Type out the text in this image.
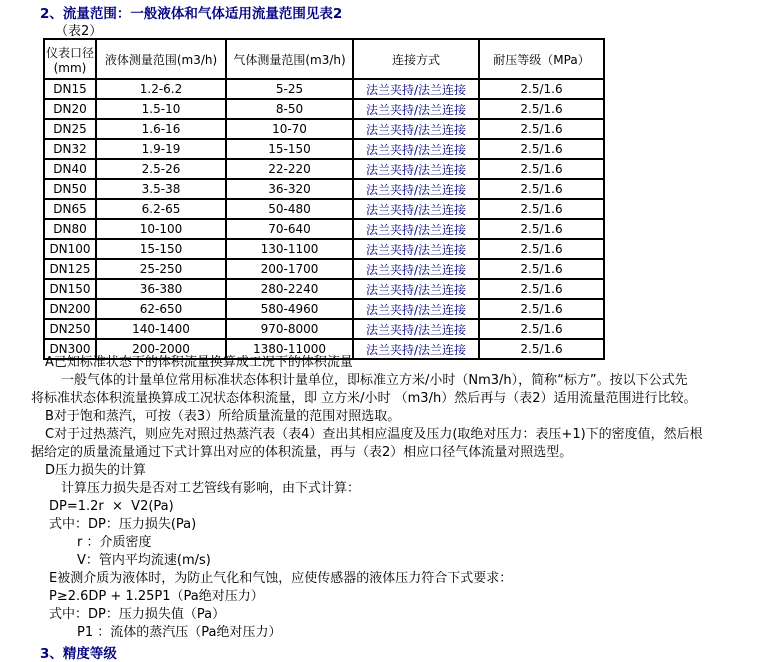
2、流量范围：一般液体和气体适用流量范围见表2
（表2）
仪表口径
(mm)	液体测量范围(m3/h)	气体测量范围(m3/h)	连接方式	耐压等级（MPa）
DN15	1.2-6.2	5-25	法兰夹持/法兰连接	2.5/1.6
DN20	1.5-10	8-50	法兰夹持/法兰连接	2.5/1.6
DN25	1.6-16	10-70	法兰夹持/法兰连接	2.5/1.6
DN32	1.9-19	15-150	法兰夹持/法兰连接	2.5/1.6
DN40	2.5-26	22-220	法兰夹持/法兰连接	2.5/1.6
DN50	3.5-38	36-320	法兰夹持/法兰连接	2.5/1.6
DN65	6.2-65	50-480	法兰夹持/法兰连接	2.5/1.6
DN80	10-100	70-640	法兰夹持/法兰连接	2.5/1.6
DN100	15-150	130-1100	法兰夹持/法兰连接	2.5/1.6
DN125	25-250	200-1700	法兰夹持/法兰连接	2.5/1.6
DN150	36-380	280-2240	法兰夹持/法兰连接	2.5/1.6
DN200	62-650	580-4960	法兰夹持/法兰连接	2.5/1.6
DN250	140-1400	970-8000	法兰夹持/法兰连接	2.5/1.6
DN300	200-2000	1380-11000	法兰夹持/法兰连接	2.5/1.6
A已知标准状态下的体积流量换算成工况下的体积流量
一般气体的计量单位常用标准状态体积计量单位，即标准立方米/小时（Nm3/h），简称“标方”。按以下公式先
将标准状态体积流量换算成工况状态体积流量，即 立方米/小时 （m3/h）然后再与（表2）适用流量范围进行比较。
B对于饱和蒸汽，可按（表3）所给质量流量的范围对照选取。
C对于过热蒸汽，则应先对照过热蒸汽表（表4）查出其相应温度及压力(取绝对压力：表压+1)下的密度值，然后根
据给定的质量流量通过下式计算出对应的体积流量，再与（表2）相应口径气体流量对照选型。
D压力损失的计算
计算压力损失是否对工艺管线有影响，由下式计算：
DP=1.2r  ×  V2(Pa)
式中：DP：压力损失(Pa)
r ：介质密度
V：管内平均流速(m/s)
E被测介质为液体时，为防止气化和气蚀，应使传感器的液体压力符合下式要求：
P≥2.6DP + 1.25P1（Pa绝对压力）
式中：DP：压力损失值（Pa）
P1 ：流体的蒸汽压（Pa绝对压力）
3、精度等级
